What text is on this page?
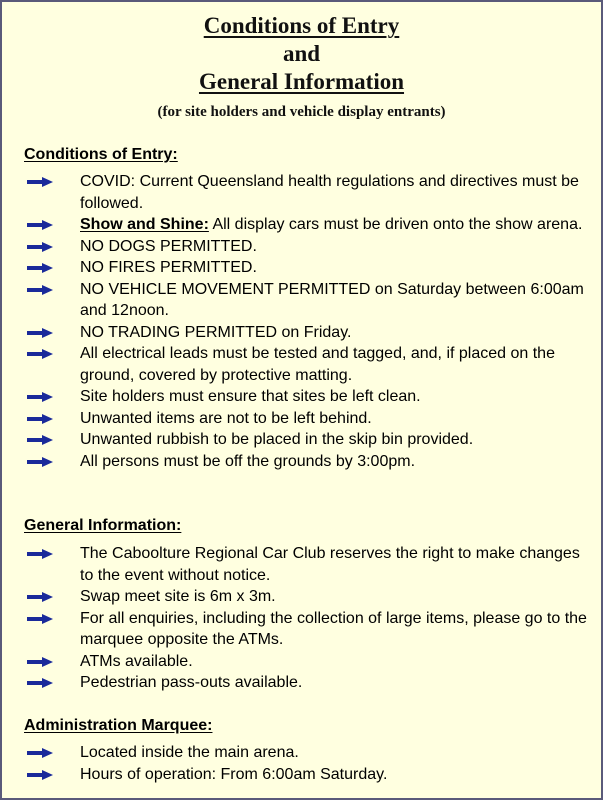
Conditions of Entry
and
General Information
(for site holders and vehicle display entrants)
Conditions of Entry:
COVID: Current Queensland health regulations and directives must be followed.
Show and Shine: All display cars must be driven onto the show arena.
NO DOGS PERMITTED.
NO FIRES PERMITTED.
NO VEHICLE MOVEMENT PERMITTED on Saturday between 6:00am and 12noon.
NO TRADING PERMITTED on Friday.
All electrical leads must be tested and tagged, and, if placed on the ground, covered by protective matting.
Site holders must ensure that sites be left clean.
Unwanted items are not to be left behind.
Unwanted rubbish to be placed in the skip bin provided.
All persons must be off the grounds by 3:00pm.
General Information:
The Caboolture Regional Car Club reserves the right to make changes to the event without notice.
Swap meet site is 6m x 3m.
For all enquiries, including the collection of large items, please go to the marquee opposite the ATMs.
ATMs available.
Pedestrian pass-outs available.
Administration Marquee:
Located inside the main arena.
Hours of operation: From 6:00am Saturday.
